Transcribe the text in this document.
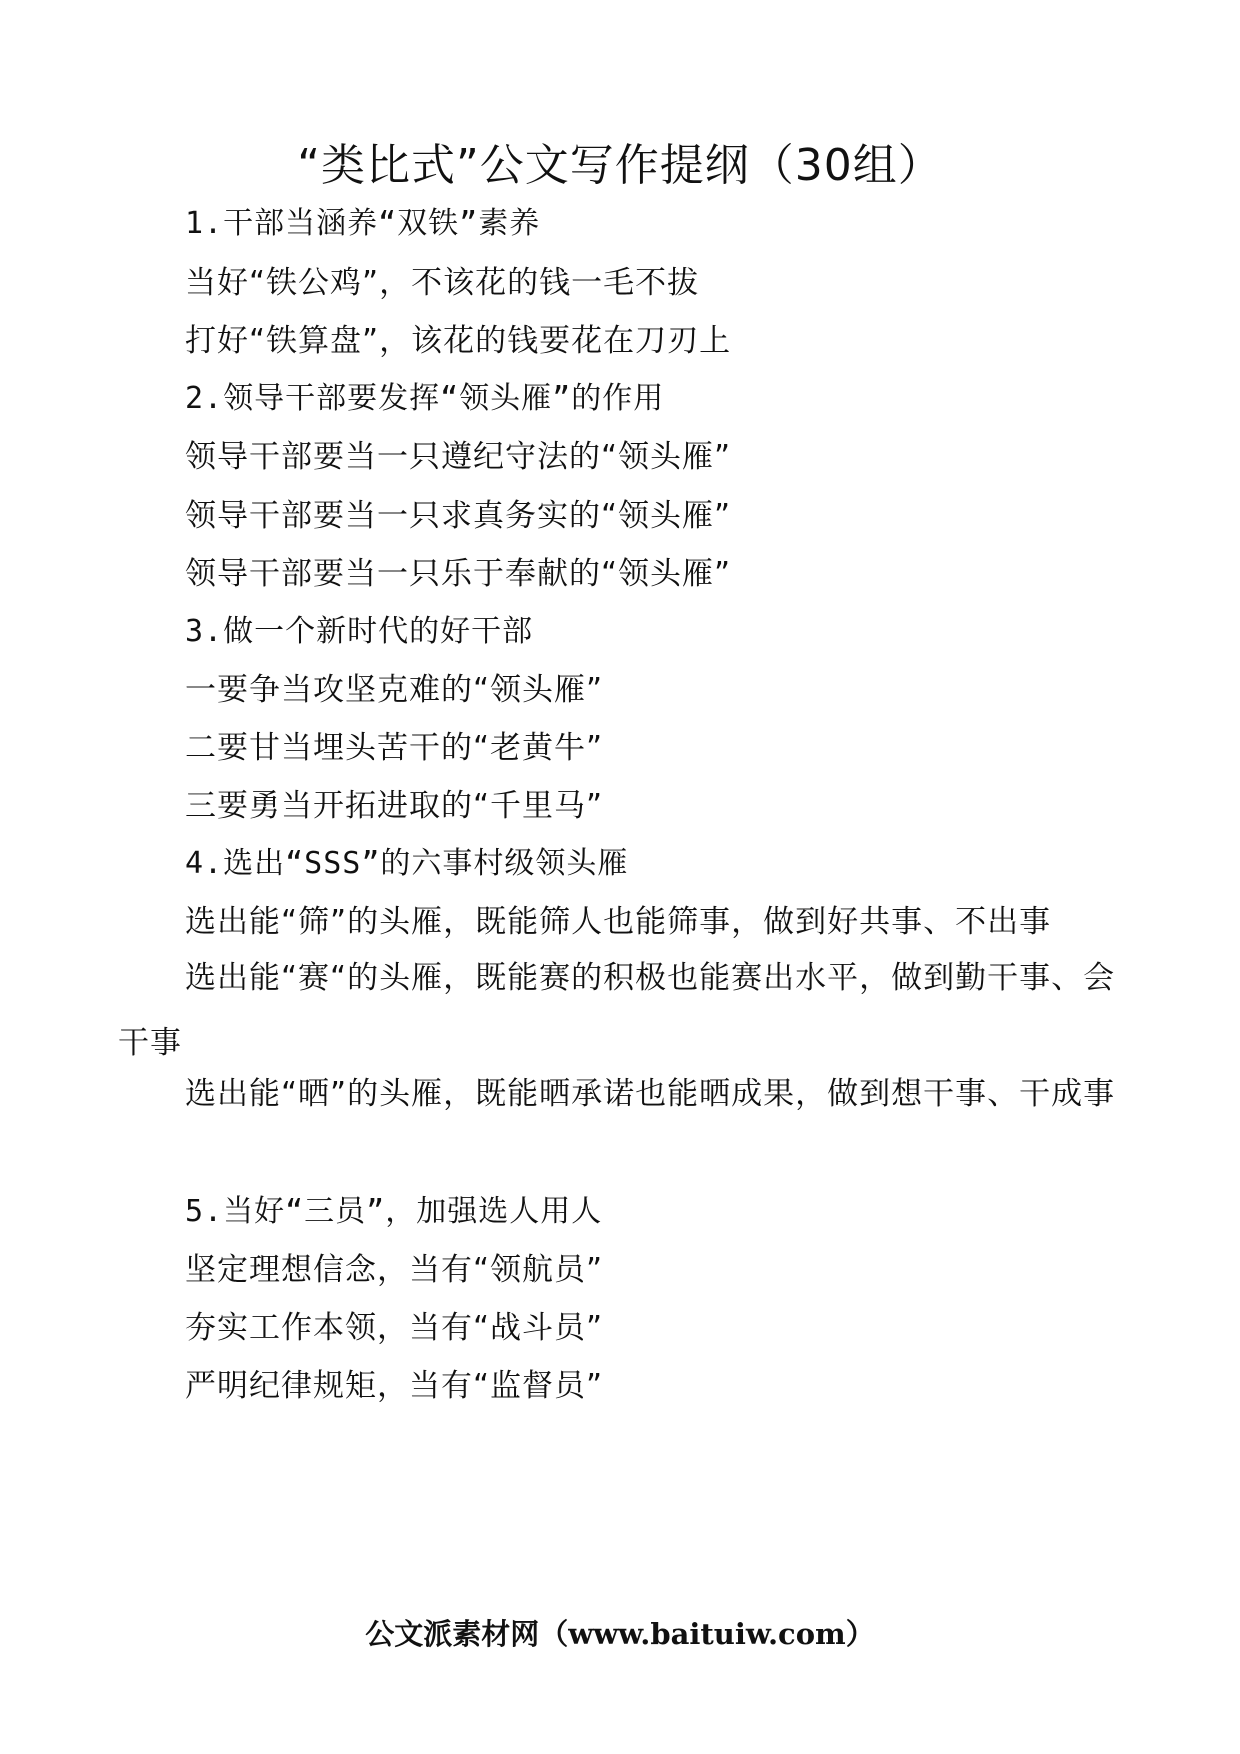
“类比式”公文写作提纲（30组）
1.干部当涵养“双铁”素养
当好“铁公鸡”，不该花的钱一毛不拔
打好“铁算盘”，该花的钱要花在刀刃上
2.领导干部要发挥“领头雁”的作用
领导干部要当一只遵纪守法的“领头雁”
领导干部要当一只求真务实的“领头雁”
领导干部要当一只乐于奉献的“领头雁”
3.做一个新时代的好干部
一要争当攻坚克难的“领头雁”
二要甘当埋头苦干的“老黄牛”
三要勇当开拓进取的“千里马”
4.选出“SSS”的六事村级领头雁
选出能“筛”的头雁，既能筛人也能筛事，做到好共事、不出事
选出能“赛“的头雁，既能赛的积极也能赛出水平，做到勤干事、会干事
选出能“晒”的头雁，既能晒承诺也能晒成果，做到想干事、干成事
5.当好“三员”，加强选人用人
坚定理想信念，当有“领航员”
夯实工作本领，当有“战斗员”
严明纪律规矩，当有“监督员”
公文派素材网（www.baituiw.com）
